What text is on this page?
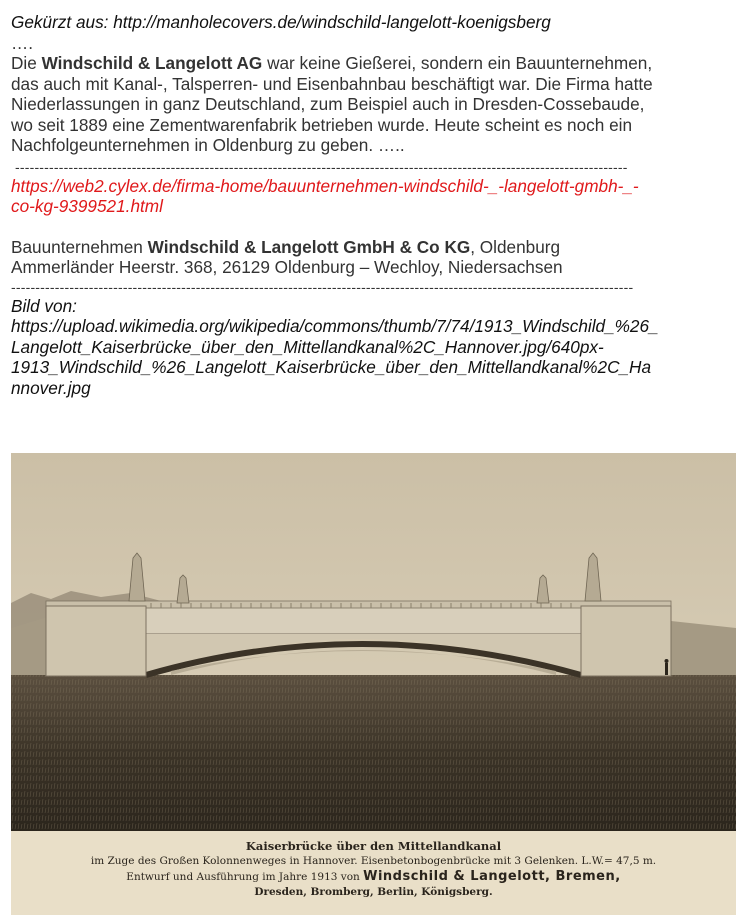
Gekürzt aus: http://manholecovers.de/windschild-langelott-koenigsberg
….
Die Windschild & Langelott AG war keine Gießerei, sondern ein Bauunternehmen,
das auch mit Kanal-, Talsperren- und Eisenbahnbau beschäftigt war. Die Firma hatte
Niederlassungen in ganz Deutschland, zum Beispiel auch in Dresden-Cossebaude,
wo seit 1889 eine Zementwarenfabrik betrieben wurde. Heute scheint es noch ein
Nachfolgeunternehmen in Oldenburg zu geben. …..
------------------------------------------------------------------------------------------------------------------------------
https://web2.cylex.de/firma-home/bauunternehmen-windschild-_-langelott-gmbh-_-
co-kg-9399521.html
Bauunternehmen Windschild & Langelott GmbH & Co KG, Oldenburg
Ammerländer Heerstr. 368, 26129 Oldenburg – Wechloy, Niedersachsen
--------------------------------------------------------------------------------------------------------------------------------
Bild von:
https://upload.wikimedia.org/wikipedia/commons/thumb/7/74/1913_Windschild_%26_
Langelott_Kaiserbrücke_über_den_Mittellandkanal%2C_Hannover.jpg/640px-
1913_Windschild_%26_Langelott_Kaiserbrücke_über_den_Mittellandkanal%2C_Ha
nnover.jpg
Kaiserbrücke über den Mittellandkanal
im Zuge des Großen Kolonnenweges in Hannover. Eisenbetonbogenbrücke mit 3 Gelenken. L.W.= 47,5 m.
Entwurf und Ausführung im Jahre 1913 von Windschild & Langelott, Bremen,
Dresden, Bromberg, Berlin, Königsberg.
